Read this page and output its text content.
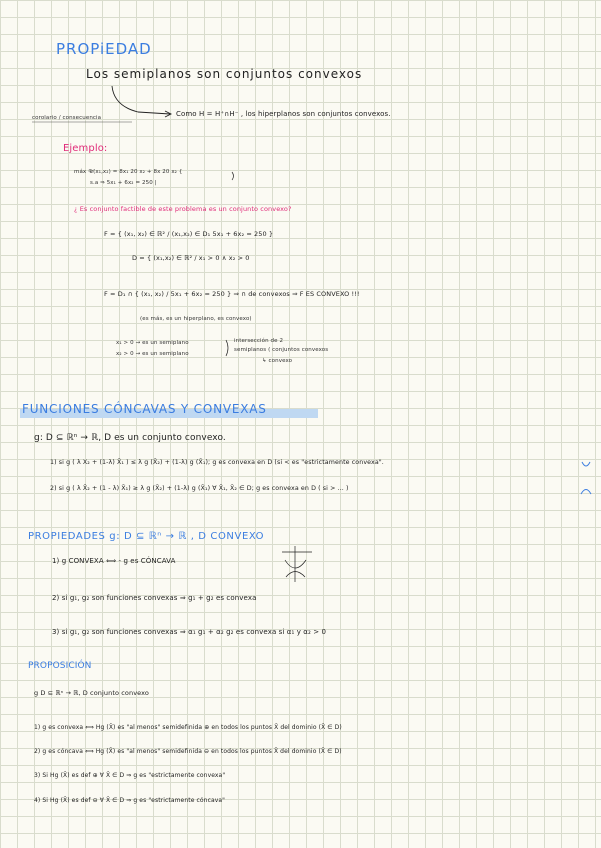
PROPiEDAD
Los semiplanos son conjuntos convexos
corolario / consecuencia	Como H = H⁺∩H⁻ , los hiperplanos son conjuntos convexos.
Ejemplo:
máx 𝒰(x₁,x₂) = 8x₁ 20 x₂ + 8x 20 x₂ {
s.a ⇒ 5x₁ + 6x₂ = 250 |
¿ Es conjunto factible de este problema es un conjunto convexo?
F = { (x₁, x₂) ∈ ℝ² / (x₁,x₂) ∈ D₁ 5x₁ + 6x₂ = 250 }
D = { (x₁,x₂) ∈ ℝ² / x₁ > 0 ∧ x₂ > 0
F = D₁ ∩ { (x₁, x₂) / 5x₁ + 6x₂ = 250 } ⇒ ∩ de convexos ⇒ F ES CONVEXO !!!
(es más, es un hiperplano, es convexo)
x₁ > 0 → es un semiplano
x₂ > 0 → es un semiplano
intersección de 2
semiplanos ( conjuntos convexos
↳ convexo
FUNCIONES CÓNCAVAS Y CONVEXAS
g: D ⊆ ℝⁿ → ℝ, D es un conjunto convexo.
1) si g ( λ X₂ + (1-λ) X̄₁ ) ≤ λ g (X̄₂) + (1-λ) g (X̄₁); g es convexa en D (si < es "estrictamente convexa".
2) si g ( λ X̄₂ + (1 - λ) X̄₁) ≥ λ g (X̄₂) + (1-λ) g (X̄₁) ∀ X̄₁, X̄₂ ∈ D; g es convexa en D ( si > ... )
PROPIEDADES g: D ⊆ ℝⁿ → ℝ , D CONVEXO
1) g CONVEXA ⟺ - g es CÓNCAVA
2) si g₁, g₂ son funciones convexas ⇒ g₁ + g₂ es convexa
3) si g₁, g₂ son funciones convexas ⇒ α₁ g₁ + α₂ g₂ es convexa si α₁ y α₂ > 0
PROPOSICIÓN
g D ⊆ ℝⁿ → ℝ, D conjunto convexo
1) g es convexa ⟺ Hg (X̄) es "al menos" semidefinida ⊕ en todos los puntos X̄ del dominio (X̄ ∈ D)
2) g es cóncava ⟺ Hg (X̄) es "al menos" semidefinida ⊖ en todos los puntos X̄ del dominio (X̄ ∈ D)
3) Si Hg (X̄) es def ⊕ ∀ X̄ ∈ D ⇒ g es "estrictamente convexa"
4) Si Hg (X̄) es def ⊖ ∀ X̄ ∈ D ⇒ g es "estrictamente cóncava"
